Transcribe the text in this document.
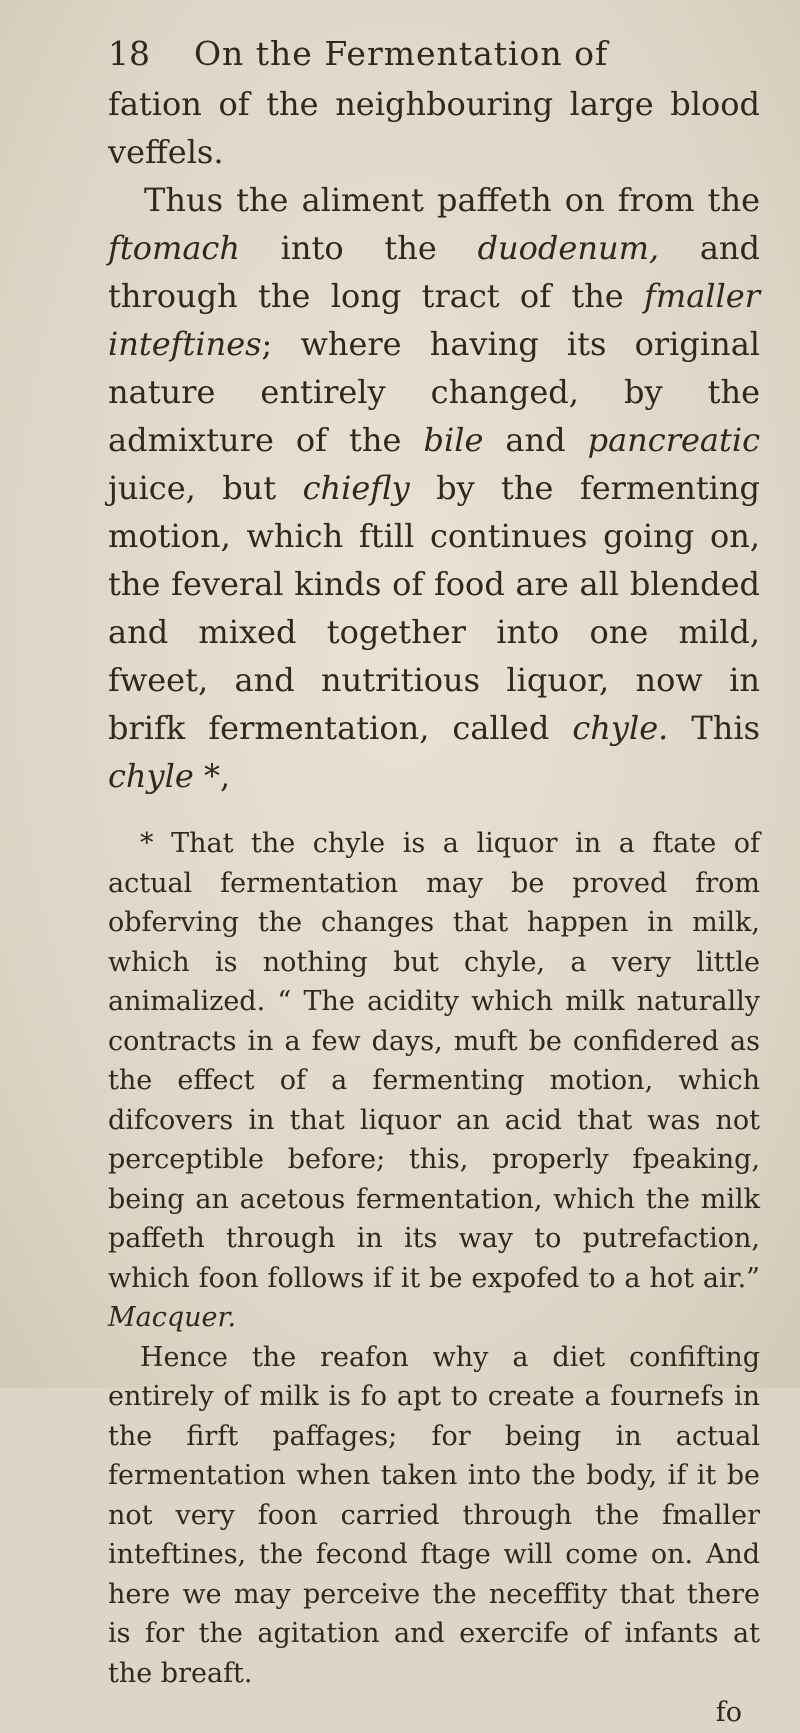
18 On the Fermentation of

fation of the neighbouring large blood veffels.

Thus the aliment paffeth on from the ftomach into the duodenum, and through the long tract of the fmaller inteftines; where having its original nature entirely changed, by the admixture of the bile and pancreatic juice, but chiefly by the fermenting motion, which ftill continues going on, the feveral kinds of food are all blended and mixed together into one mild, fweet, and nutritious liquor, now in brifk fermentation, called chyle. This chyle *,

* That the chyle is a liquor in a ftate of actual fermentation may be proved from obferving the changes that happen in milk, which is nothing but chyle, a very little animalized. “ The acidity which milk naturally contracts in a few days, muft be confidered as the effect of a fermenting motion, which difcovers in that liquor an acid that was not perceptible before; this, properly fpeaking, being an acetous fermentation, which the milk paffeth through in its way to putrefaction, which foon follows if it be expofed to a hot air.” Macquer.

Hence the reafon why a diet confifting entirely of milk is fo apt to create a fournefs in the firft paffages; for being in actual fermentation when taken into the body, if it be not very foon carried through the fmaller inteftines, the fecond ftage will come on. And here we may perceive the neceffity that there is for the agitation and exercife of infants at the breaft.

fo
